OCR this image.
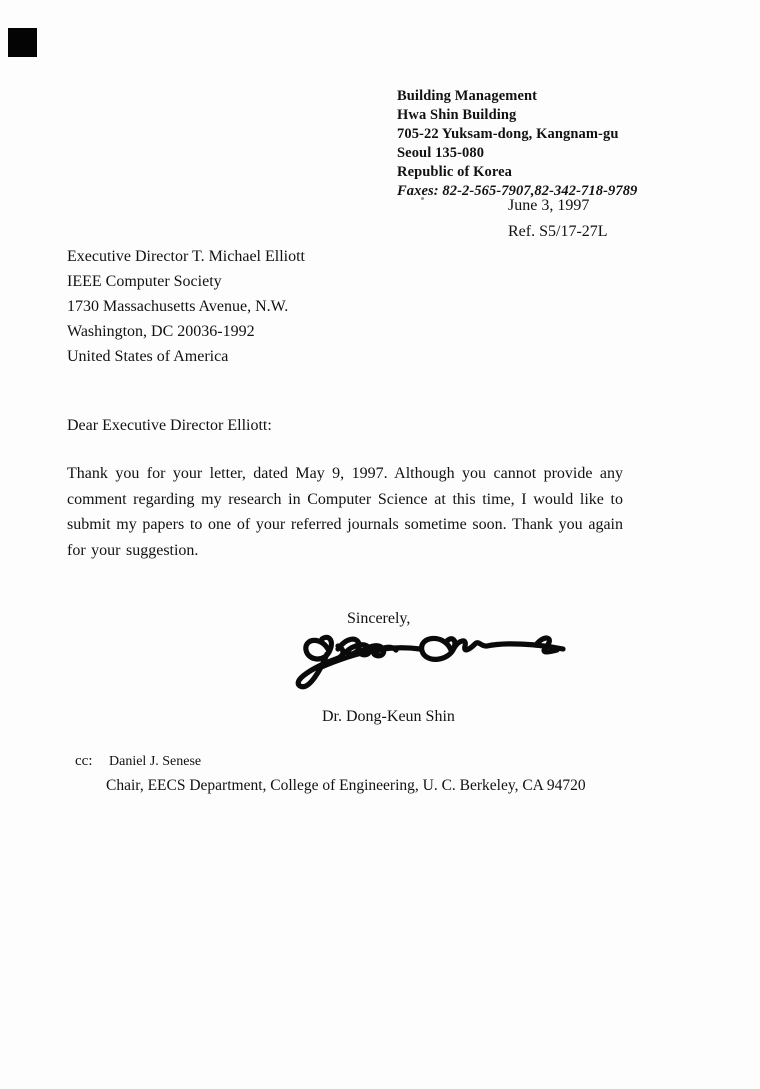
Building Management
Hwa Shin Building
705-22 Yuksam-dong, Kangnam-gu
Seoul 135-080
Republic of Korea
Faxes: 82-2-565-7907,82-342-718-9789
June 3, 1997
Ref. S5/17-27L
Executive Director T. Michael Elliott
IEEE Computer Society
1730 Massachusetts Avenue, N.W.
Washington, DC 20036-1992
United States of America
Dear Executive Director Elliott:

Thank you for your letter, dated May 9, 1997. Although you cannot provide any comment regarding my research in Computer Science at this time, I would like to submit my papers to one of your referred journals sometime soon. Thank you again for your suggestion.

Sincerely,
Dr. Dong-Keun Shin
cc: Daniel J. Senese
Chair, EECS Department, College of Engineering, U. C. Berkeley, CA 94720
